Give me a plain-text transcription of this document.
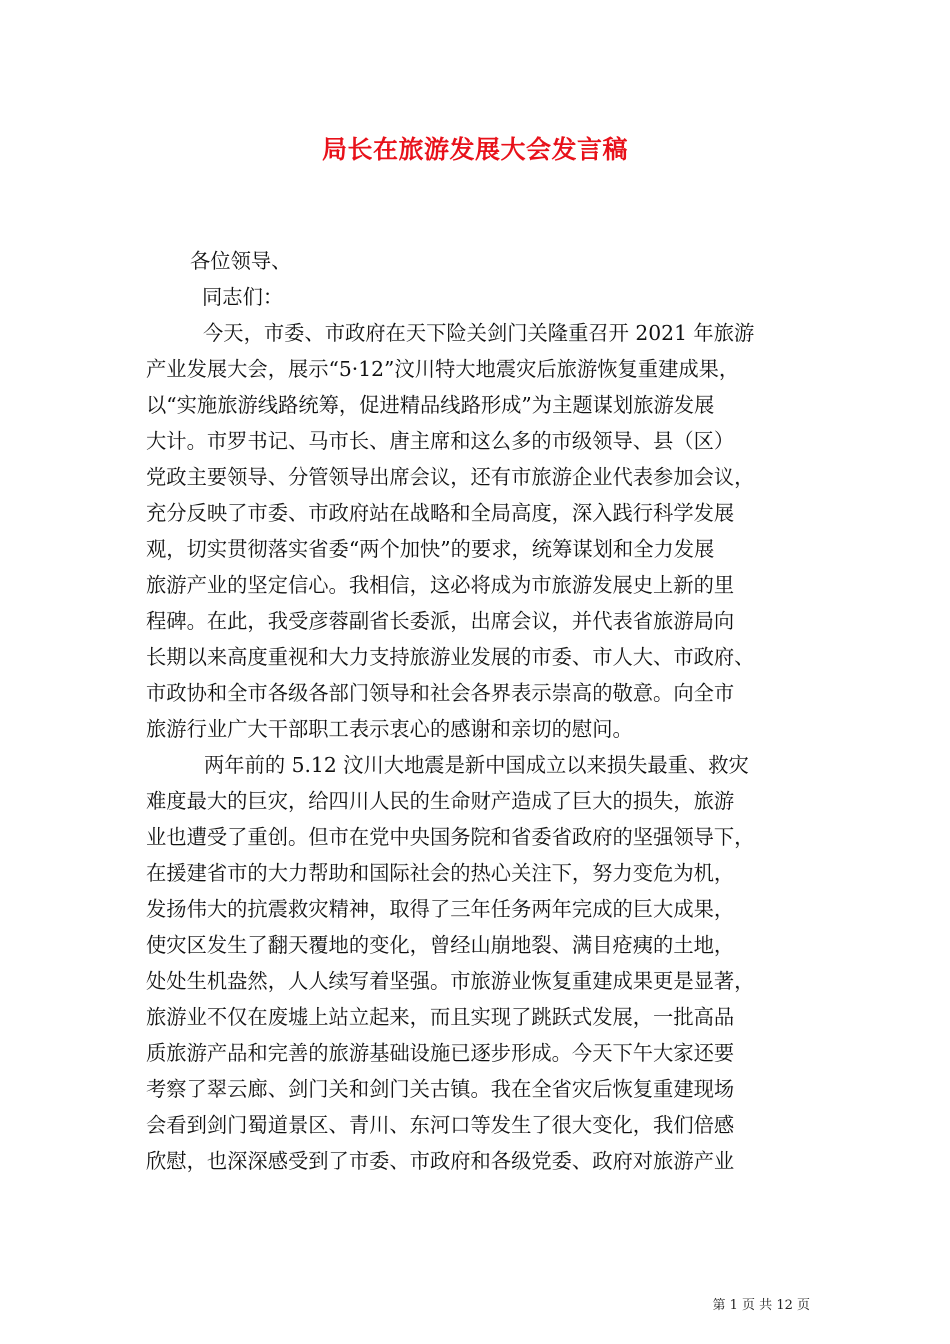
局长在旅游发展大会发言稿
各位领导、
同志们：
今天，市委、市政府在天下险关剑门关隆重召开 2021 年旅游
产业发展大会，展示“5·12”汶川特大地震灾后旅游恢复重建成果，
以“实施旅游线路统筹，促进精品线路形成”为主题谋划旅游发展
大计。市罗书记、马市长、唐主席和这么多的市级领导、县（区）
党政主要领导、分管领导出席会议，还有市旅游企业代表参加会议，
充分反映了市委、市政府站在战略和全局高度，深入践行科学发展
观，切实贯彻落实省委“两个加快”的要求，统筹谋划和全力发展
旅游产业的坚定信心。我相信，这必将成为市旅游发展史上新的里
程碑。在此，我受彦蓉副省长委派，出席会议，并代表省旅游局向
长期以来高度重视和大力支持旅游业发展的市委、市人大、市政府、
市政协和全市各级各部门领导和社会各界表示崇高的敬意。向全市
旅游行业广大干部职工表示衷心的感谢和亲切的慰问。
两年前的 5.12 汶川大地震是新中国成立以来损失最重、救灾
难度最大的巨灾，给四川人民的生命财产造成了巨大的损失，旅游
业也遭受了重创。但市在党中央国务院和省委省政府的坚强领导下，
在援建省市的大力帮助和国际社会的热心关注下，努力变危为机，
发扬伟大的抗震救灾精神，取得了三年任务两年完成的巨大成果，
使灾区发生了翻天覆地的变化，曾经山崩地裂、满目疮痍的土地，
处处生机盎然，人人续写着坚强。市旅游业恢复重建成果更是显著，
旅游业不仅在废墟上站立起来，而且实现了跳跃式发展，一批高品
质旅游产品和完善的旅游基础设施已逐步形成。今天下午大家还要
考察了翠云廊、剑门关和剑门关古镇。我在全省灾后恢复重建现场
会看到剑门蜀道景区、青川、东河口等发生了很大变化，我们倍感
欣慰，也深深感受到了市委、市政府和各级党委、政府对旅游产业
第 1 页 共 12 页
